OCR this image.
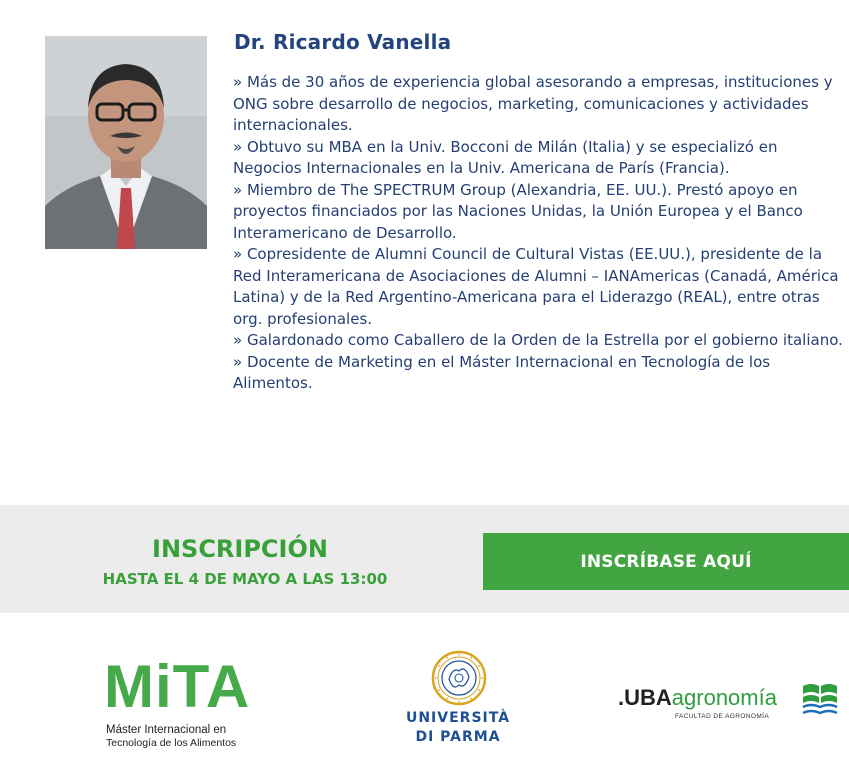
Dr. Ricardo Vanella

» Más de 30 años de experiencia global asesorando a empresas, instituciones y ONG sobre desarrollo de negocios, marketing, comunicaciones y actividades internacionales.

» Obtuvo su MBA en la Univ. Bocconi de Milán (Italia) y se especializó en Negocios Internacionales en la Univ. Americana de París (Francia).

» Miembro de The SPECTRUM Group (Alexandria, EE. UU.). Prestó apoyo en proyectos financiados por las Naciones Unidas, la Unión Europea y el Banco Interamericano de Desarrollo.

» Copresidente de Alumni Council de Cultural Vistas (EE.UU.), presidente de la Red Interamericana de Asociaciones de Alumni – IANAmericas (Canadá, América Latina) y de la Red Argentino-Americana para el Liderazgo (REAL), entre otras org. profesionales.

» Galardonado como Caballero de la Orden de la Estrella por el gobierno italiano.

» Docente de Marketing en el Máster Internacional en Tecnología de los Alimentos.

INSCRIPCIÓN
HASTA EL 4 DE MAYO A LAS 13:00
INSCRÍBASE AQUÍ
MiTA
Máster Internacional en
Tecnología de los Alimentos
UNIVERSITÀ
DI PARMA
.UBAagronomía
FACULTAD DE AGRONOMÍA
